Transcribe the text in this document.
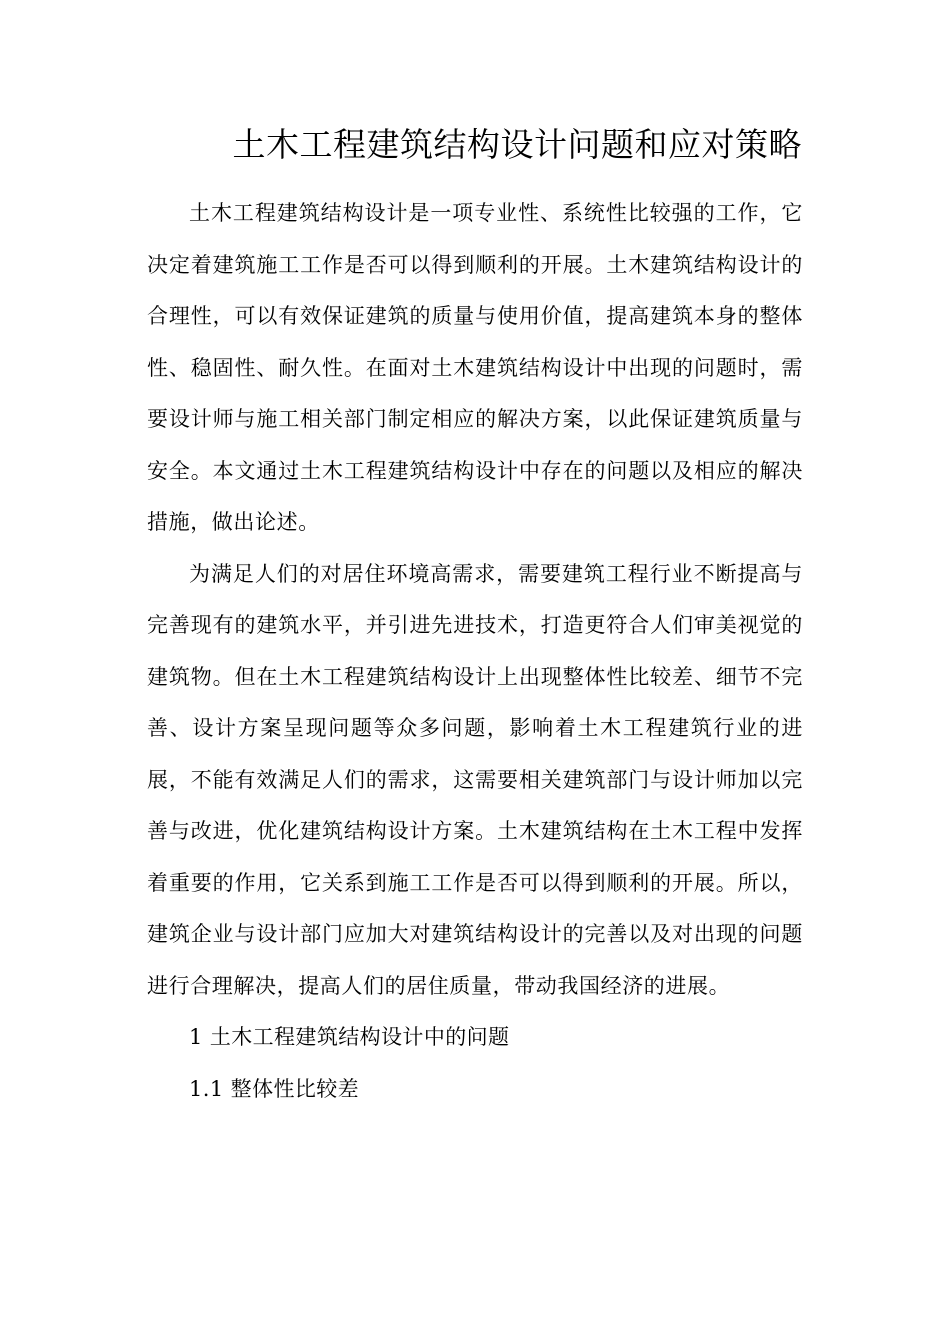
土木工程建筑结构设计问题和应对策略

土木工程建筑结构设计是一项专业性、系统性比较强的工作，它决定着建筑施工工作是否可以得到顺利的开展。土木建筑结构设计的合理性，可以有效保证建筑的质量与使用价值，提高建筑本身的整体性、稳固性、耐久性。在面对土木建筑结构设计中出现的问题时，需要设计师与施工相关部门制定相应的解决方案，以此保证建筑质量与安全。本文通过土木工程建筑结构设计中存在的问题以及相应的解决措施，做出论述。

为满足人们的对居住环境高需求，需要建筑工程行业不断提高与完善现有的建筑水平，并引进先进技术，打造更符合人们审美视觉的建筑物。但在土木工程建筑结构设计上出现整体性比较差、细节不完善、设计方案呈现问题等众多问题，影响着土木工程建筑行业的进展，不能有效满足人们的需求，这需要相关建筑部门与设计师加以完善与改进，优化建筑结构设计方案。土木建筑结构在土木工程中发挥着重要的作用，它关系到施工工作是否可以得到顺利的开展。所以，建筑企业与设计部门应加大对建筑结构设计的完善以及对出现的问题进行合理解决，提高人们的居住质量，带动我国经济的进展。

1 土木工程建筑结构设计中的问题

1.1 整体性比较差
